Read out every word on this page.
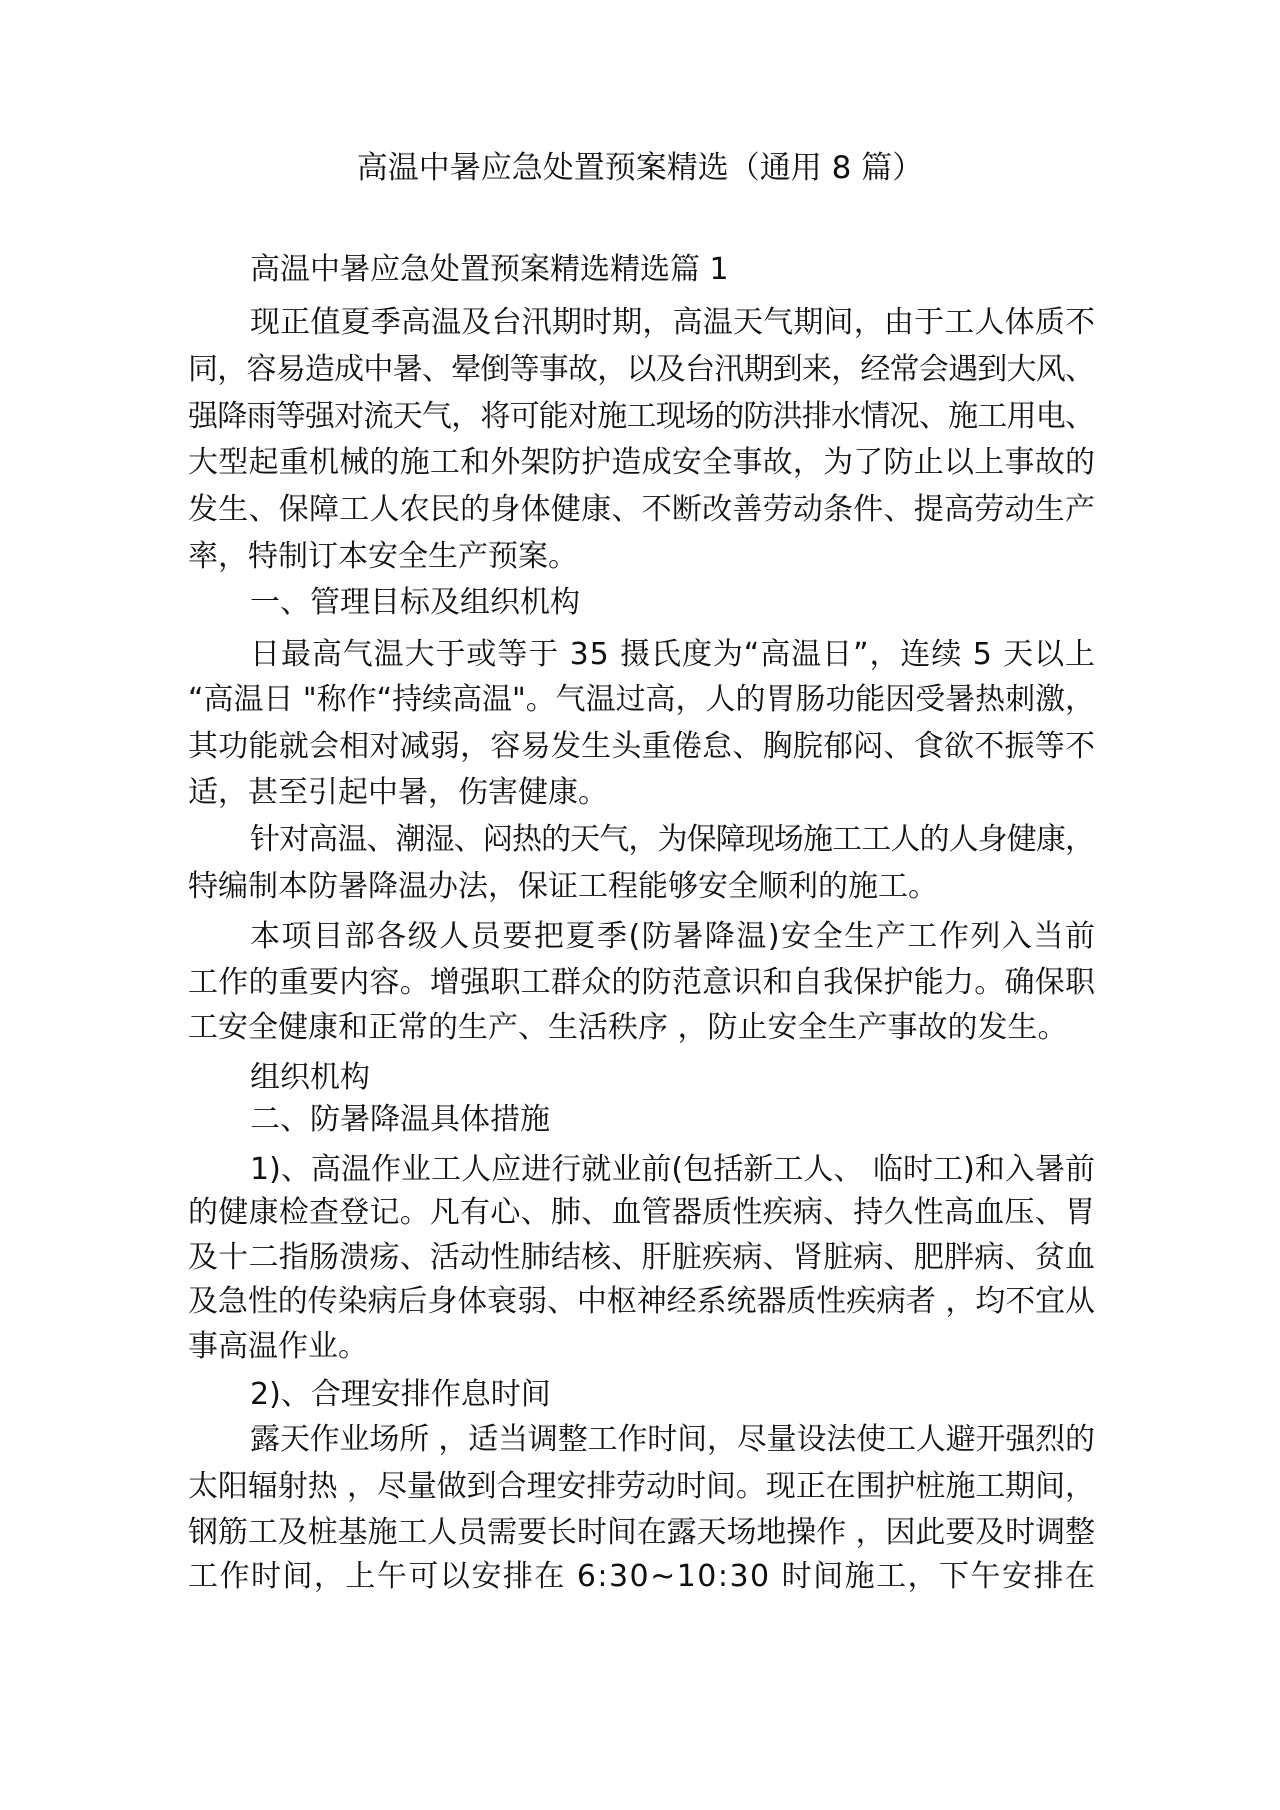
高温中暑应急处置预案精选（通用 8 篇）
高温中暑应急处置预案精选精选篇 1
现正值夏季高温及台汛期时期，高温天气期间，由于工人体质不
同，容易造成中暑、晕倒等事故，以及台汛期到来，经常会遇到大风、
强降雨等强对流天气，将可能对施工现场的防洪排水情况、施工用电、
大型起重机械的施工和外架防护造成安全事故，为了防止以上事故的
发生、保障工人农民的身体健康、不断改善劳动条件、提高劳动生产
率，特制订本安全生产预案。
一、管理目标及组织机构
日最高气温大于或等于 35 摄氏度为“高温日”，连续 5 天以上
“高温日 "称作“持续高温"。气温过高，人的胃肠功能因受暑热刺激，
其功能就会相对减弱，容易发生头重倦怠、胸脘郁闷、食欲不振等不
适，甚至引起中暑，伤害健康。
针对高温、潮湿、闷热的天气，为保障现场施工工人的人身健康，
特编制本防暑降温办法，保证工程能够安全顺利的施工。
本项目部各级人员要把夏季(防暑降温)安全生产工作列入当前
工作的重要内容。增强职工群众的防范意识和自我保护能力。确保职
工安全健康和正常的生产、生活秩序 ，防止安全生产事故的发生。
组织机构
二、防暑降温具体措施
1)、高温作业工人应进行就业前(包括新工人、 临时工)和入暑前
的健康检查登记。凡有心、肺、血管器质性疾病、持久性高血压、胃
及十二指肠溃疡、活动性肺结核、肝脏疾病、肾脏病、肥胖病、贫血
及急性的传染病后身体衰弱、中枢神经系统器质性疾病者 ，均不宜从
事高温作业。
2)、合理安排作息时间
露天作业场所 ，适当调整工作时间，尽量设法使工人避开强烈的
太阳辐射热 ，尽量做到合理安排劳动时间。现正在围护桩施工期间，
钢筋工及桩基施工人员需要长时间在露天场地操作 ，因此要及时调整
工作时间，上午可以安排在 6:30~10:30 时间施工，下午安排在
